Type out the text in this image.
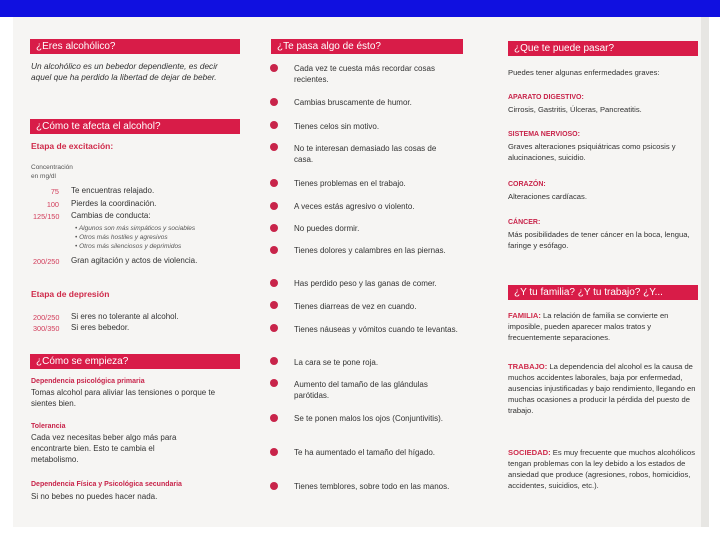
¿Eres alcohólico?
Un alcohólico es un bebedor dependiente, es decir aquel que ha perdido la libertad de dejar de beber.
¿Cómo te afecta el alcohol?
Etapa de excitación:
Concentración en mg/dl
75 Te encuentras relajado.
100 Pierdes la coordinación.
125/150 Cambias de conducta:
• Algunos son más simpáticos y sociables
• Otros más hostiles y agresivos
• Otros más silenciosos y deprimidos
200/250 Gran agitación y actos de violencia.
Etapa de depresión
200/250 Si eres no tolerante al alcohol.
300/350 Si eres bebedor.
¿Cómo se empieza?
Dependencia psicológica primaria
Tomas alcohol para aliviar las tensiones o porque te sientes bien.
Tolerancia
Cada vez necesitas beber algo más para encontrarte bien. Esto te cambia el metabolismo.
Dependencia Física y Psicológica secundaria
Si no bebes no puedes hacer nada.
¿Te pasa algo de ésto?
Cada vez te cuesta más recordar cosas recientes.
Cambias bruscamente de humor.
Tienes celos sin motivo.
No te interesan demasiado las cosas de casa.
Tienes problemas en el trabajo.
A veces estás agresivo o violento.
No puedes dormir.
Tienes dolores y calambres en las piernas.
Has perdido peso y las ganas de comer.
Tienes diarreas de vez en cuando.
Tienes náuseas y vómitos cuando te levantas.
La cara se te pone roja.
Aumento del tamaño de las glándulas parótidas.
Se te ponen malos los ojos (Conjuntivitis).
Te ha aumentado el tamaño del hígado.
Tienes temblores, sobre todo en las manos.
¿Que te puede pasar?
Puedes tener algunas enfermedades graves:
APARATO DIGESTIVO:
Cirrosis, Gastritis, Úlceras, Pancreatitis.
SISTEMA NERVIOSO:
Graves alteraciones psiquiátricas como psicosis y alucinaciones, suicidio.
CORAZÓN:
Alteraciones cardíacas.
CÁNCER:
Más posibilidades de tener cáncer en la boca, lengua, faringe y esófago.
¿Y tu familia? ¿Y tu trabajo? ¿Y...
FAMILIA: La relación de familia se convierte en imposible, pueden aparecer malos tratos y frecuentemente separaciones.
TRABAJO: La dependencia del alcohol es la causa de muchos accidentes laborales, baja por enfermedad, ausencias injustificadas y bajo rendimiento, llegando en muchas ocasiones a producir la pérdida del puesto de trabajo.
SOCIEDAD: Es muy frecuente que muchos alcohólicos tengan problemas con la ley debido a los estados de ansiedad que produce (agresiones, robos, homicidios, accidentes, suicidios, etc.).
